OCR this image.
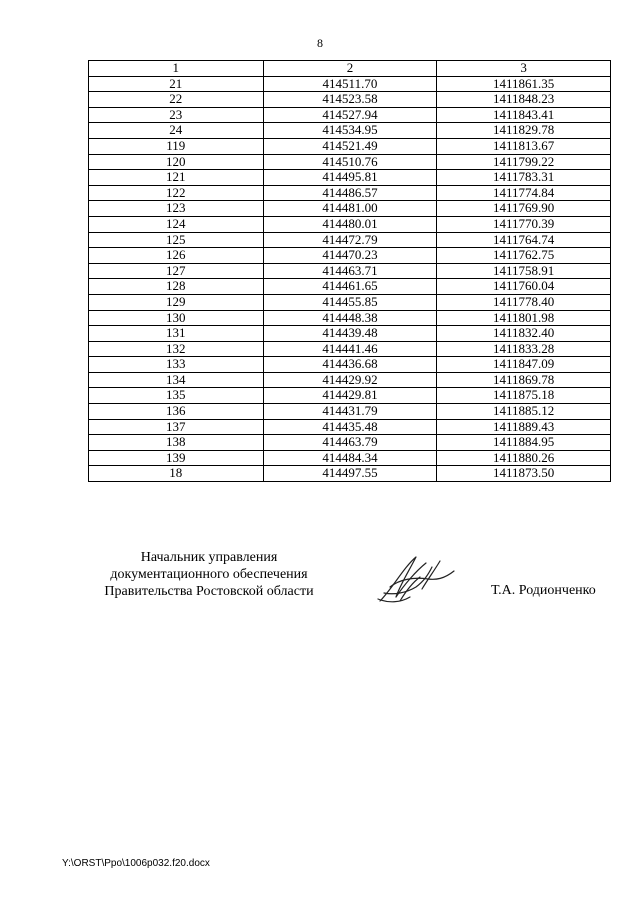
8
1	2	3
21	414511.70	1411861.35
22	414523.58	1411848.23
23	414527.94	1411843.41
24	414534.95	1411829.78
119	414521.49	1411813.67
120	414510.76	1411799.22
121	414495.81	1411783.31
122	414486.57	1411774.84
123	414481.00	1411769.90
124	414480.01	1411770.39
125	414472.79	1411764.74
126	414470.23	1411762.75
127	414463.71	1411758.91
128	414461.65	1411760.04
129	414455.85	1411778.40
130	414448.38	1411801.98
131	414439.48	1411832.40
132	414441.46	1411833.28
133	414436.68	1411847.09
134	414429.92	1411869.78
135	414429.81	1411875.18
136	414431.79	1411885.12
137	414435.48	1411889.43
138	414463.79	1411884.95
139	414484.34	1411880.26
18	414497.55	1411873.50
Начальник управления
документационного обеспечения
Правительства Ростовской области	Т.А. Родионченко
Y:\ORST\Ppo\1006p032.f20.docx
